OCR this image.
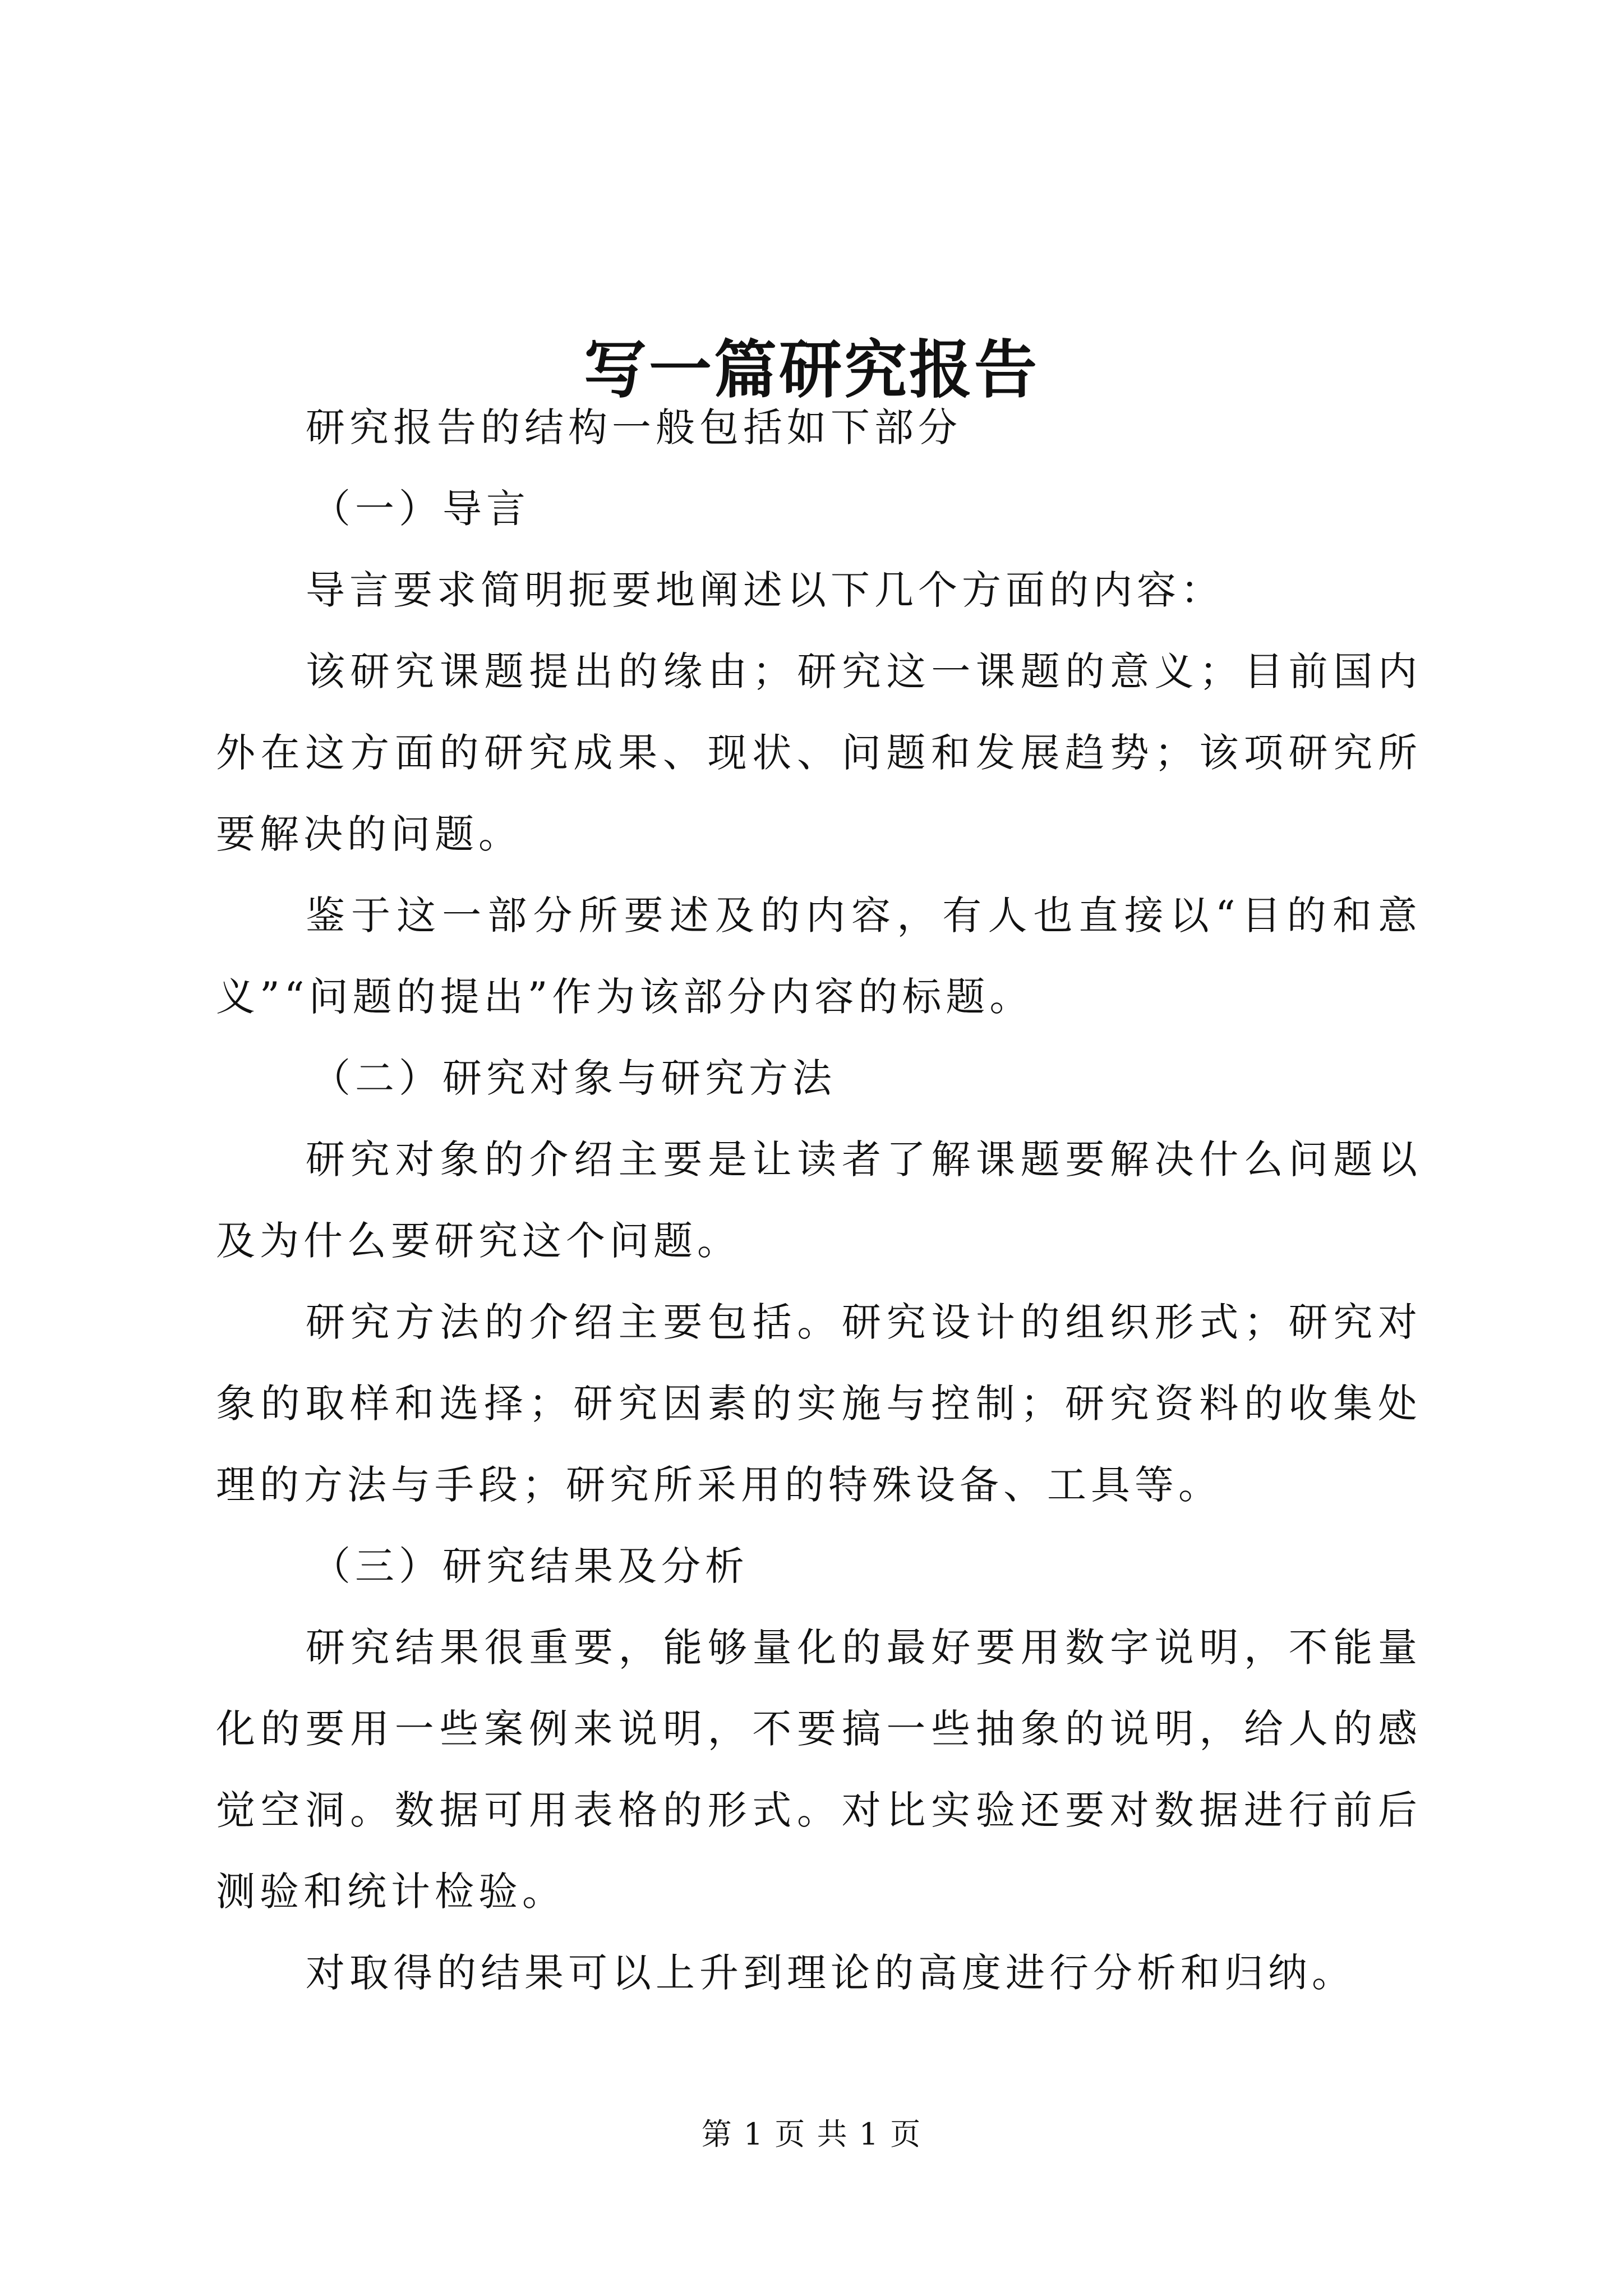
写一篇研究报告

研究报告的结构一般包括如下部分

（一）导言

导言要求简明扼要地阐述以下几个方面的内容：

该研究课题提出的缘由；研究这一课题的意义；目前国内外在这方面的研究成果、现状、问题和发展趋势；该项研究所要解决的问题。

鉴于这一部分所要述及的内容，有人也直接以“目的和意义”“问题的提出”作为该部分内容的标题。

（二）研究对象与研究方法

研究对象的介绍主要是让读者了解课题要解决什么问题以及为什么要研究这个问题。

研究方法的介绍主要包括。研究设计的组织形式；研究对象的取样和选择；研究因素的实施与控制；研究资料的收集处理的方法与手段；研究所采用的特殊设备、工具等。

（三）研究结果及分析

研究结果很重要，能够量化的最好要用数字说明，不能量化的要用一些案例来说明，不要搞一些抽象的说明，给人的感觉空洞。数据可用表格的形式。对比实验还要对数据进行前后测验和统计检验。

对取得的结果可以上升到理论的高度进行分析和归纳。

第 1 页 共 1 页
